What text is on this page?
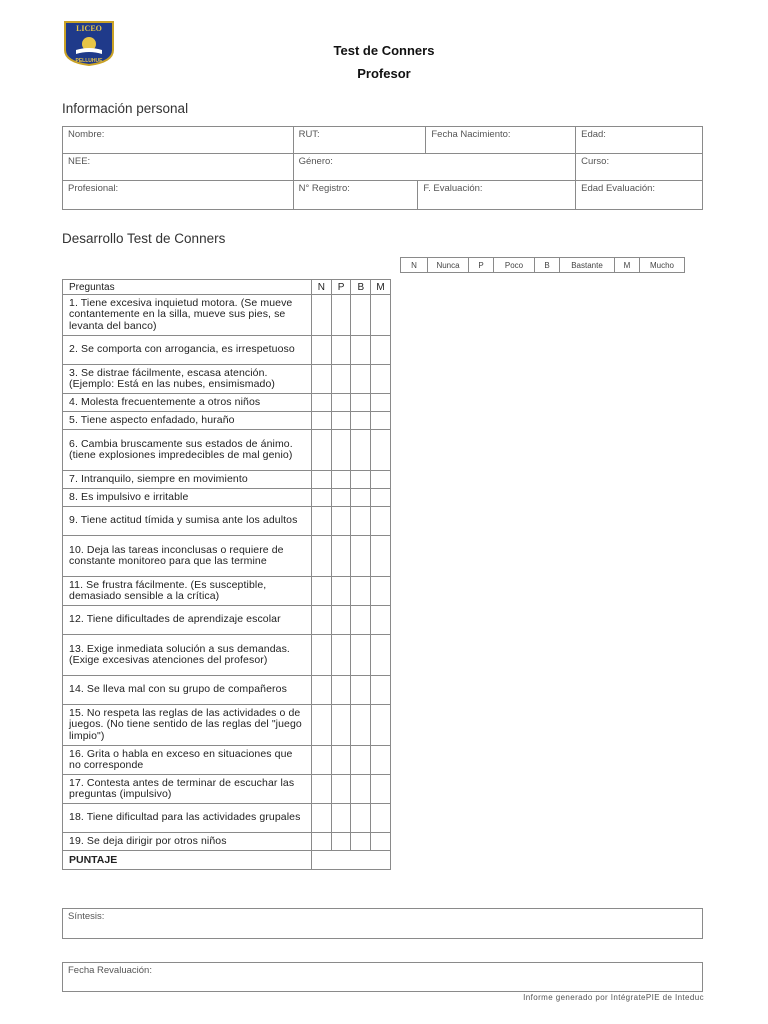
LICEO
PELLUHUE
Test de Conners
Profesor
Información personal
Nombre:	RUT:		Fecha Nacimiento:	Edad:
NEE:	Género:			Curso:
Profesional:	N° Registro:	F. Evaluación:		Edad Evaluación:
Desarrollo Test de Conners
N	Nunca	P	Poco	B	Bastante	M	Mucho
Preguntas	N	P	B	M
1. Tiene excesiva inquietud motora. (Se mueve contantemente en la silla, mueve sus pies, se levanta del banco)				
2. Se comporta con arrogancia, es irrespetuoso				
3. Se distrae fácilmente, escasa atención. (Ejemplo: Está en las nubes, ensimismado)				
4. Molesta frecuentemente a otros niños				
5. Tiene aspecto enfadado, huraño				
6. Cambia bruscamente sus estados de ánimo. (tiene explosiones impredecibles de mal genio)				
7. Intranquilo, siempre en movimiento				
8. Es impulsivo e irritable				
9. Tiene actitud tímida y sumisa ante los adultos				
10. Deja las tareas inconclusas o requiere de constante monitoreo para que las termine				
11. Se frustra fácilmente. (Es susceptible, demasiado sensible a la crítica)				
12. Tiene dificultades de aprendizaje escolar				
13. Exige inmediata solución a sus demandas. (Exige excesivas atenciones del profesor)				
14. Se lleva mal con su grupo de compañeros				
15. No respeta las reglas de las actividades o de juegos. (No tiene sentido de las reglas del "juego limpio")				
16. Grita o habla en exceso en situaciones que no corresponde				
17. Contesta antes de terminar de escuchar las preguntas (impulsivo)				
18. Tiene dificultad para las actividades grupales				
19. Se deja dirigir por otros niños				
PUNTAJE				
Síntesis:
Fecha Revaluación:
Informe generado por IntégratePIE de Inteduc
